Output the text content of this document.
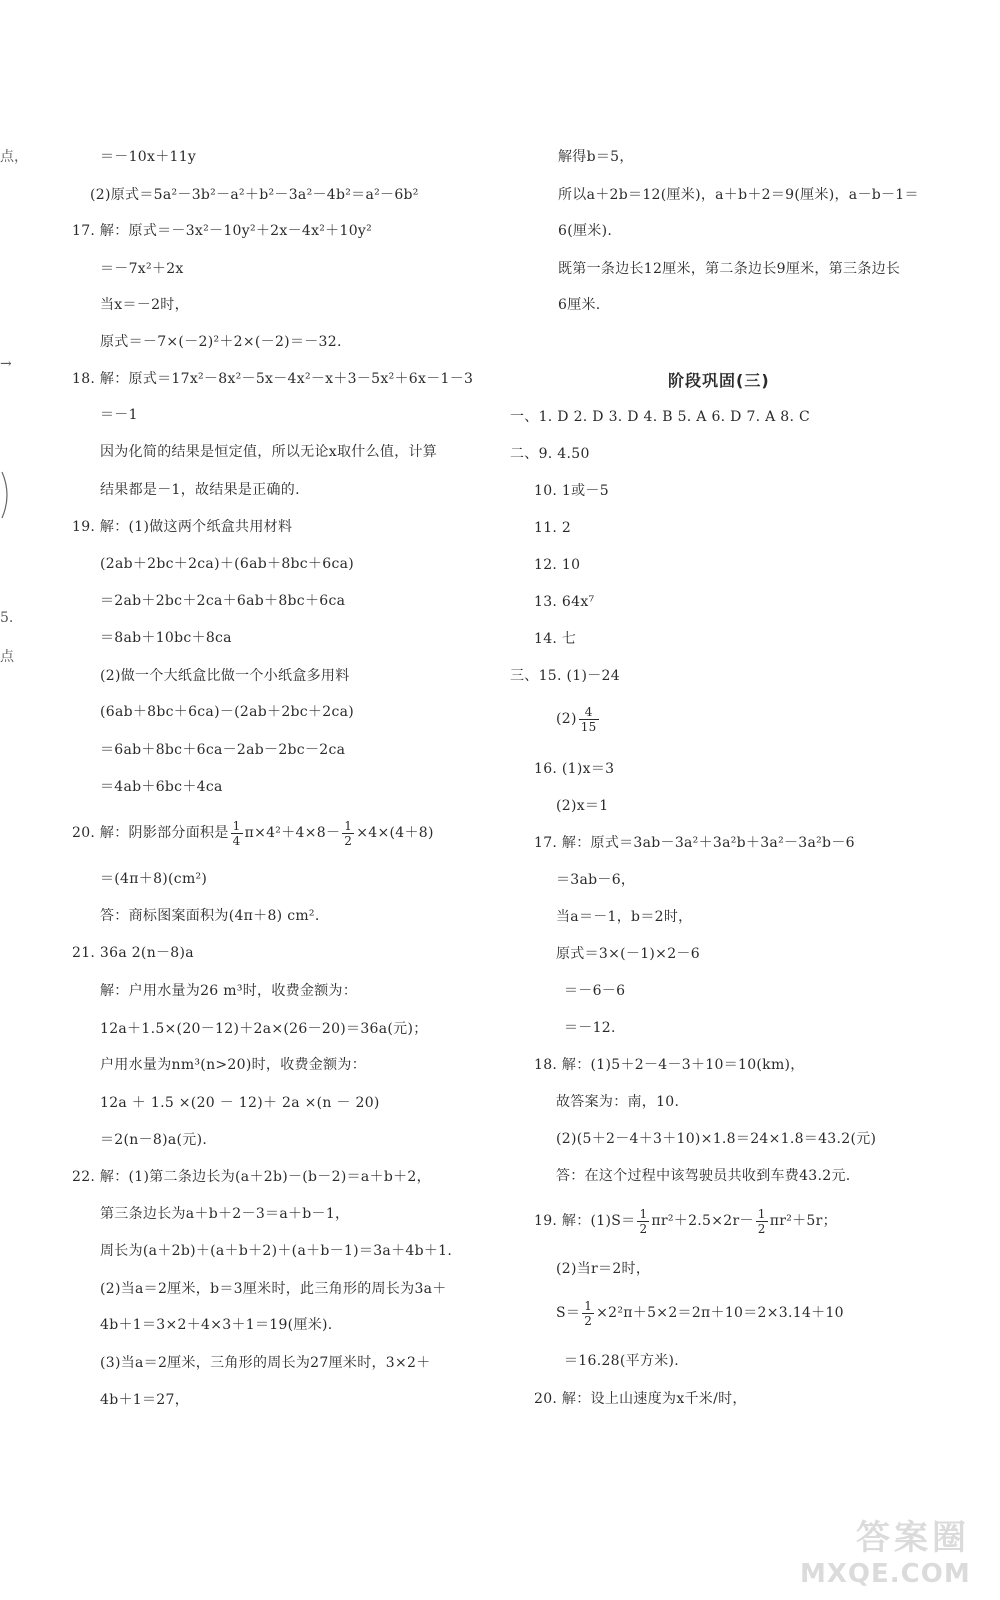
点，
→
5.
点
＝－10x＋11y
(2)原式＝5a²－3b²－a²＋b²－3a²－4b²＝a²－6b²
17. 解：原式＝－3x²－10y²＋2x－4x²＋10y²
＝－7x²＋2x
当x＝－2时，
原式＝－7×(－2)²＋2×(－2)＝－32.
18. 解：原式＝17x²－8x²－5x－4x²－x＋3－5x²＋6x－1－3
＝－1
因为化简的结果是恒定值，所以无论x取什么值，计算
结果都是－1，故结果是正确的.
19. 解：(1)做这两个纸盒共用材料
(2ab＋2bc＋2ca)＋(6ab＋8bc＋6ca)
＝2ab＋2bc＋2ca＋6ab＋8bc＋6ca
＝8ab＋10bc＋8ca
(2)做一个大纸盒比做一个小纸盒多用料
(6ab＋8bc＋6ca)－(2ab＋2bc＋2ca)
＝6ab＋8bc＋6ca－2ab－2bc－2ca
＝4ab＋6bc＋4ca
20. 解：阴影部分面积是 $\frac{1}{4} \pi\times 4^2+4\times 8- \frac{1}{2} \times 4\times(4+8)$
＝(4π＋8)(cm²)
答：商标图案面积为(4π＋8) cm².
21. 36a 2(n－8)a
解：户用水量为26 m³时，收费金额为：
12a＋1.5×(20－12)＋2a×(26－20)＝36a(元)；
户用水量为nm³(n>20)时，收费金额为：
12a ＋ 1.5 ×(20 － 12)＋ 2a ×(n － 20)
＝2(n－8)a(元).
22. 解：(1)第二条边长为(a＋2b)－(b－2)＝a＋b＋2，
第三条边长为a＋b＋2－3＝a＋b－1，
周长为(a＋2b)＋(a＋b＋2)＋(a＋b－1)＝3a＋4b＋1.
(2)当a＝2厘米，b＝3厘米时，此三角形的周长为3a＋
4b＋1＝3×2＋4×3＋1＝19(厘米).
(3)当a＝2厘米，三角形的周长为27厘米时，3×2＋
4b＋1＝27，
解得b＝5，
所以a＋2b＝12(厘米)，a＋b＋2＝9(厘米)，a－b－1＝
6(厘米).
既第一条边长12厘米，第二条边长9厘米，第三条边长
6厘米.
阶段巩固(三)
一、1. D 2. D 3. D 4. B 5. A 6. D 7. A 8. C
二、9. 4.50
10. 1或－5
11. 2
12. 10
13. 64x⁷
14. 七
三、15. (1)－24
$(2) \frac{4}{15}$
16. (1)x＝3
(2)x＝1
17. 解：原式＝3ab－3a²＋3a²b＋3a²－3a²b－6
＝3ab－6，
当a＝－1，b＝2时，
原式＝3×(－1)×2－6
＝－6－6
＝－12.
18. 解：(1)5＋2－4－3＋10＝10(km)，
故答案为：南，10.
(2)(5＋2－4＋3＋10)×1.8＝24×1.8＝43.2(元)
答：在这个过程中该驾驶员共收到车费43.2元.
19. 解：$(1)S= \frac{1}{2} \pi r^2+2.5\times 2r- \frac{1}{2} \pi r^2+5r$；
(2)当r＝2时，
$S= \frac{1}{2} \times 2^2\pi+5\times 2=2\pi+10=2\times 3.14+10$
＝16.28(平方米).
20. 解：设上山速度为x千米/时，
答案圈
MXQE.COM
